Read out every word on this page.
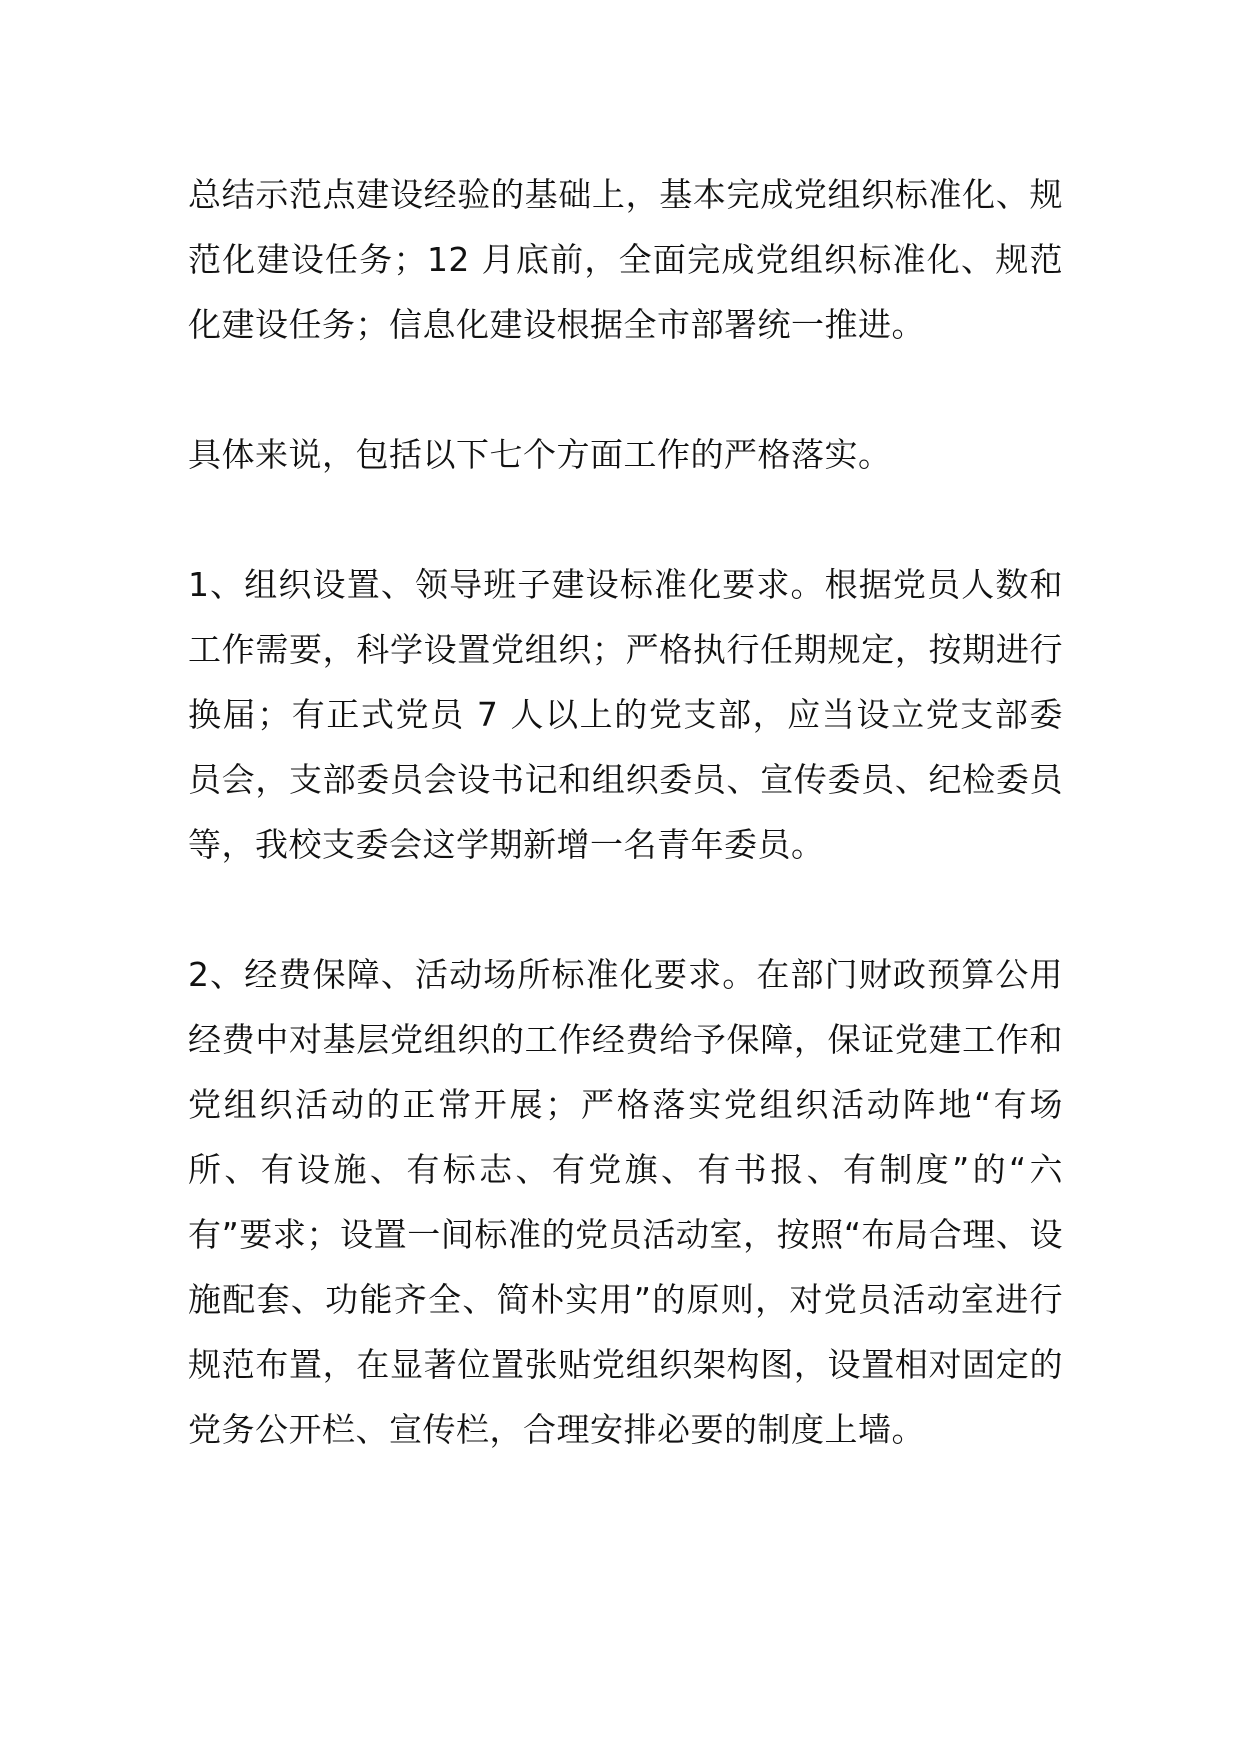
总结示范点建设经验的基础上，基本完成党组织标准化、规范化建设任务；12 月底前，全面完成党组织标准化、规范化建设任务；信息化建设根据全市部署统一推进。

具体来说，包括以下七个方面工作的严格落实。

1、组织设置、领导班子建设标准化要求。根据党员人数和工作需要，科学设置党组织；严格执行任期规定，按期进行换届；有正式党员 7 人以上的党支部，应当设立党支部委员会，支部委员会设书记和组织委员、宣传委员、纪检委员等，我校支委会这学期新增一名青年委员。

2、经费保障、活动场所标准化要求。在部门财政预算公用经费中对基层党组织的工作经费给予保障，保证党建工作和党组织活动的正常开展；严格落实党组织活动阵地“有场所、有设施、有标志、有党旗、有书报、有制度”的“六有”要求；设置一间标准的党员活动室，按照“布局合理、设施配套、功能齐全、简朴实用”的原则，对党员活动室进行规范布置，在显著位置张贴党组织架构图，设置相对固定的党务公开栏、宣传栏，合理安排必要的制度上墙。
